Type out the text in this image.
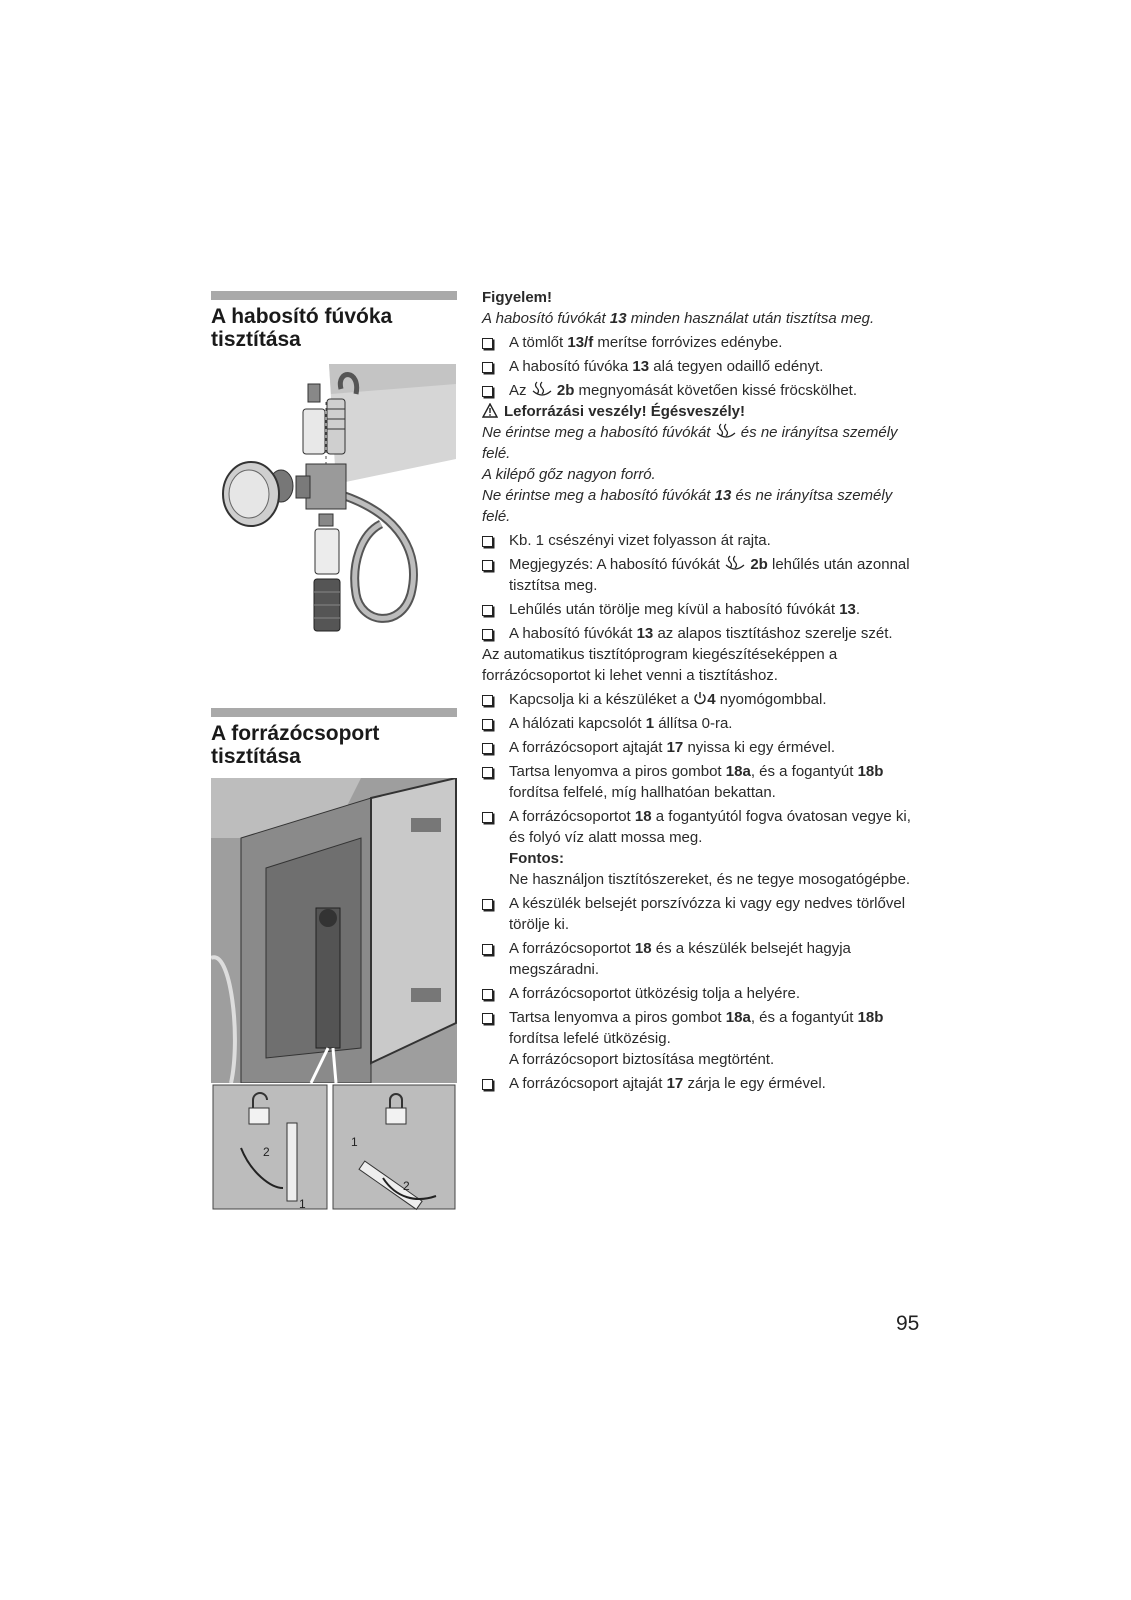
A habosító fúvóka
tisztítása
A forrázócsoport
tisztítása
2
1
2
1

Figyelem!

A habosító fúvókát 13 minden használat után tisztítsa meg.

A tömlőt 13/f merítse forróvizes edénybe.
A habosító fúvóka 13 alá tegyen odaillő edényt.
Az  2b megnyomását követően kissé fröcskölhet.

Leforrázási veszély! Égésveszély!

Ne érintse meg a habosító fúvókát  és ne irányítsa személy felé.

A kilépő gőz nagyon forró.

Ne érintse meg a habosító fúvókát 13 és ne irányítsa személy felé.

Kb. 1 csészényi vizet folyasson át rajta.
Megjegyzés: A habosító fúvókát  2b lehűlés után azonnal tisztítsa meg.
Lehűlés után törölje meg kívül a habosító fúvókát 13.
A habosító fúvókát 13 az alapos tisztításhoz szerelje szét.

Az automatikus tisztítóprogram kiegészítéseképpen a forrázócsoportot ki lehet venni a tisztításhoz.

Kapcsolja ki a készüléket a 4 nyomógombbal.
A hálózati kapcsolót 1 állítsa 0-ra.
A forrázócsoport ajtaját 17 nyissa ki egy érmével.
Tartsa lenyomva a piros gombot 18a, és a fogantyút 18b fordítsa felfelé, míg hallhatóan bekattan.
A forrázócsoportot 18 a fogantyútól fogva óvatosan vegye ki, és folyó víz alatt mossa meg.

Fontos:

Ne használjon tisztítószereket, és ne tegye mosogatógépbe.

A készülék belsejét porszívózza ki vagy egy nedves törlővel törölje ki.
A forrázócsoportot 18 és a készülék belsejét hagyja megszáradni.
A forrázócsoportot ütközésig tolja a helyére.
Tartsa lenyomva a piros gombot 18a, és a fogantyút 18b fordítsa lefelé ütközésig.
A forrázócsoport biztosítása megtörtént.
A forrázócsoport ajtaját 17 zárja le egy érmével.
95
